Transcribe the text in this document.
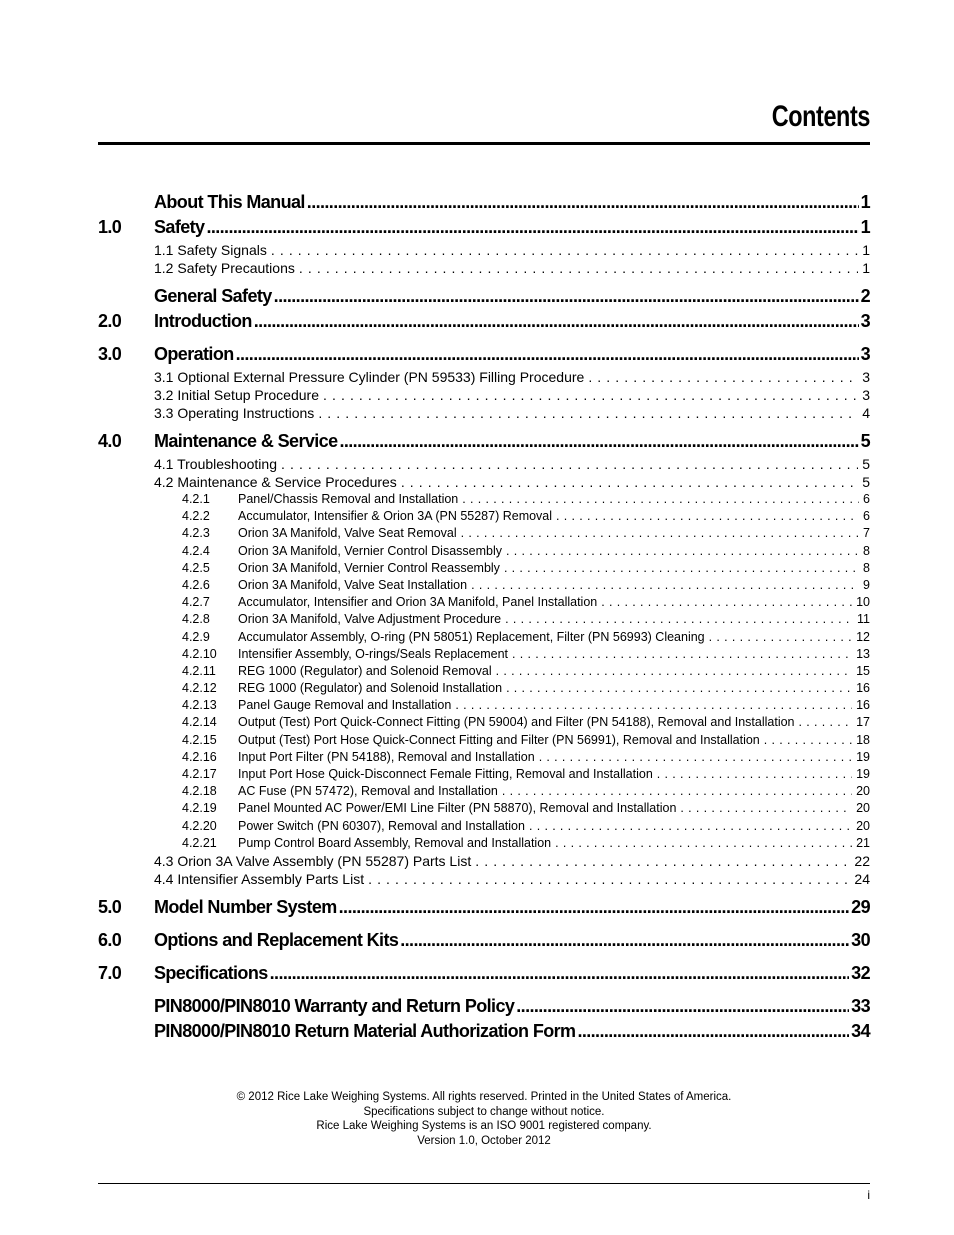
Contents
About This Manual .....	1
1.0	Safety .....	1
1.1 Safety Signals . . .	1
1.2 Safety Precautions . . .	1
General Safety .....	2
2.0	Introduction .....	3
3.0	Operation .....	3
3.1 Optional External Pressure Cylinder (PN 59533) Filling Procedure . . .	3
3.2 Initial Setup Procedure . . .	3
3.3 Operating Instructions . . .	4
4.0	Maintenance & Service .....	5
4.1 Troubleshooting . . .	5
4.2 Maintenance & Service Procedures . . .	5
4.2.1	Panel/Chassis Removal and Installation . . .	6
4.2.2	Accumulator, Intensifier & Orion 3A (PN 55287) Removal . . .	6
4.2.3	Orion 3A Manifold, Valve Seat Removal . . .	7
4.2.4	Orion 3A Manifold, Vernier Control Disassembly . . .	8
4.2.5	Orion 3A Manifold, Vernier Control Reassembly . . .	8
4.2.6	Orion 3A Manifold, Valve Seat Installation . . .	9
4.2.7	Accumulator, Intensifier and Orion 3A Manifold, Panel Installation . . .	10
4.2.8	Orion 3A Manifold, Valve Adjustment Procedure . . .	11
4.2.9	Accumulator Assembly, O-ring (PN 58051) Replacement, Filter (PN 56993) Cleaning . . .	12
4.2.10	Intensifier Assembly, O-rings/Seals Replacement . . .	13
4.2.11	REG 1000 (Regulator) and Solenoid Removal . . .	15
4.2.12	REG 1000 (Regulator) and Solenoid Installation . . .	16
4.2.13	Panel Gauge Removal and Installation . . .	16
4.2.14	Output (Test) Port Quick-Connect Fitting (PN 59004) and Filter (PN 54188), Removal and Installation . . .	17
4.2.15	Output (Test) Port Hose Quick-Connect Fitting and Filter (PN 56991), Removal and Installation . . .	18
4.2.16	Input Port Filter (PN 54188), Removal and Installation . . .	19
4.2.17	Input Port Hose Quick-Disconnect Female Fitting, Removal and Installation . . .	19
4.2.18	AC Fuse (PN 57472), Removal and Installation . . .	20
4.2.19	Panel Mounted AC Power/EMI Line Filter (PN 58870), Removal and Installation . . .	20
4.2.20	Power Switch (PN 60307), Removal and Installation . . .	20
4.2.21	Pump Control Board Assembly, Removal and Installation . . .	21
4.3 Orion 3A Valve Assembly (PN 55287) Parts List . . .	22
4.4 Intensifier Assembly Parts List . . .	24
5.0	Model Number System .....	29
6.0	Options and Replacement Kits .....	30
7.0	Specifications .....	32
PIN8000/PIN8010 Warranty and Return Policy .....	33
PIN8000/PIN8010 Return Material Authorization Form .....	34
© 2012 Rice Lake Weighing Systems. All rights reserved. Printed in the United States of America.
Specifications subject to change without notice.
Rice Lake Weighing Systems is an ISO 9001 registered company.
Version 1.0, October 2012
i
